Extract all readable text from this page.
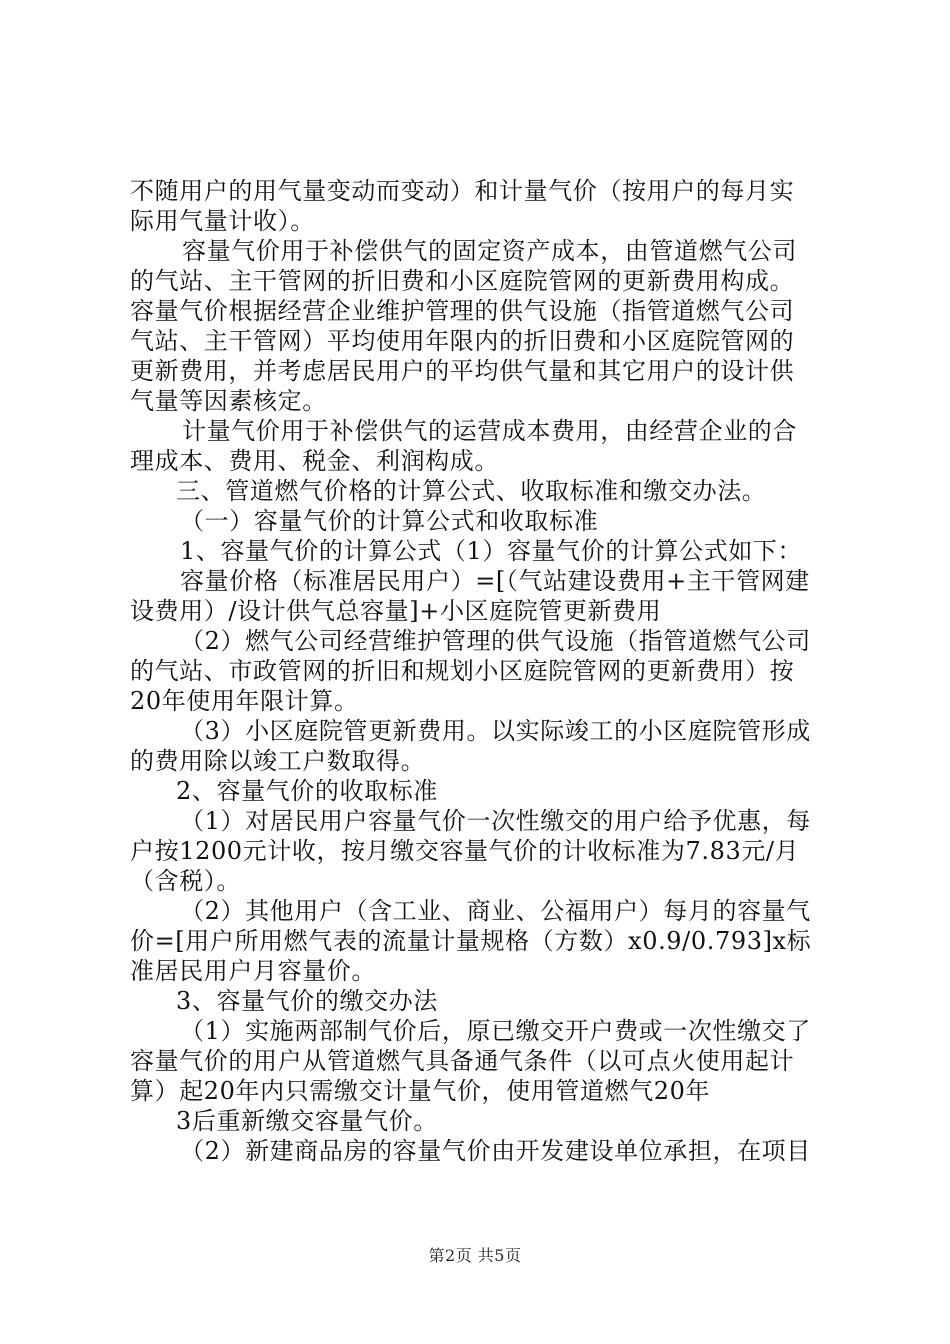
不随用户的用气量变动而变动）和计量气价（按用户的每月实
际用气量计收）。
容量气价用于补偿供气的固定资产成本，由管道燃气公司
的气站、主干管网的折旧费和小区庭院管网的更新费用构成。
容量气价根据经营企业维护管理的供气设施（指管道燃气公司
气站、主干管网）平均使用年限内的折旧费和小区庭院管网的
更新费用，并考虑居民用户的平均供气量和其它用户的设计供
气量等因素核定。
计量气价用于补偿供气的运营成本费用，由经营企业的合
理成本、费用、税金、利润构成。
三、管道燃气价格的计算公式、收取标准和缴交办法。
（一）容量气价的计算公式和收取标准
1、容量气价的计算公式（1）容量气价的计算公式如下：
容量价格（标准居民用户）=[（气站建设费用+主干管网建
设费用）/设计供气总容量]+小区庭院管更新费用
（2）燃气公司经营维护管理的供气设施（指管道燃气公司
的气站、市政管网的折旧和规划小区庭院管网的更新费用）按
20年使用年限计算。
（3）小区庭院管更新费用。以实际竣工的小区庭院管形成
的费用除以竣工户数取得。
2、容量气价的收取标准
（1）对居民用户容量气价一次性缴交的用户给予优惠，每
户按1200元计收，按月缴交容量气价的计收标准为7.83元/月
（含税）。
（2）其他用户（含工业、商业、公福用户）每月的容量气
价=[用户所用燃气表的流量计量规格（方数）x0.9/0.793]x标
准居民用户月容量价。
3、容量气价的缴交办法
（1）实施两部制气价后，原已缴交开户费或一次性缴交了
容量气价的用户从管道燃气具备通气条件（以可点火使用起计
算）起20年内只需缴交计量气价，使用管道燃气20年
3后重新缴交容量气价。
（2）新建商品房的容量气价由开发建设单位承担，在项目
第2页 共5页
